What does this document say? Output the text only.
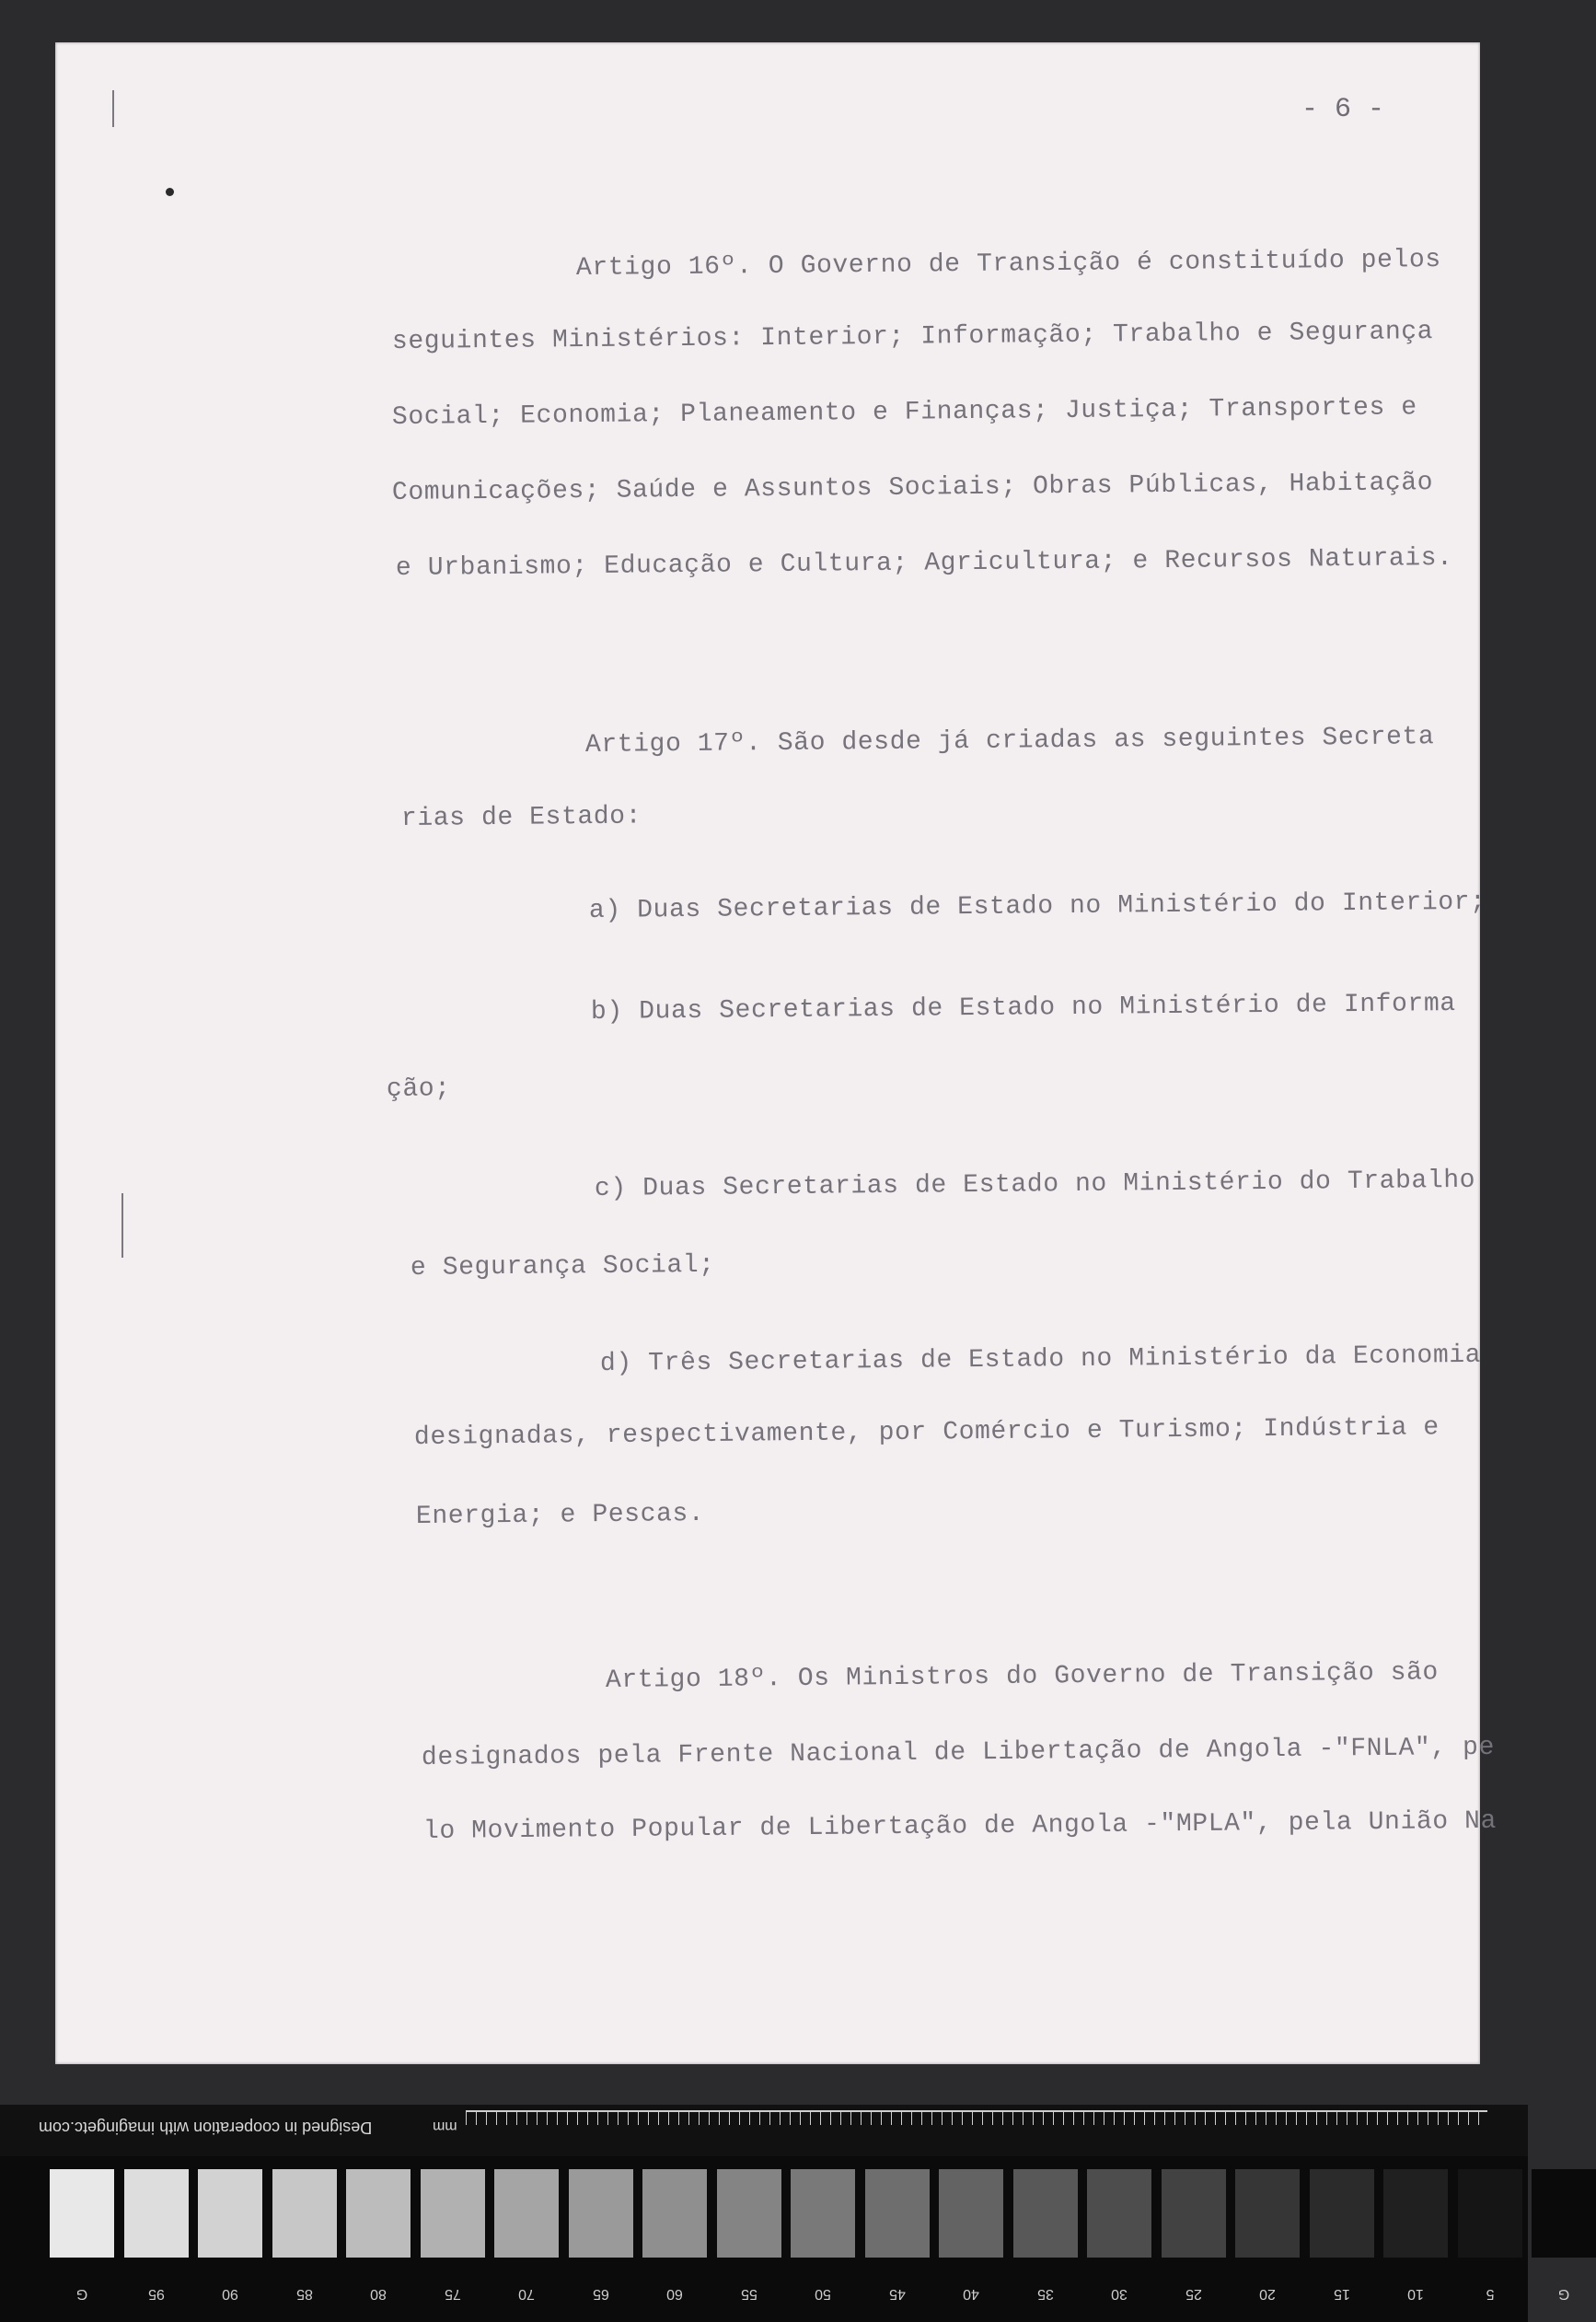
- 6 -
Artigo 16º. O Governo de Transição é constituído pelos
seguintes Ministérios: Interior; Informação; Trabalho e Segurança
Social; Economia; Planeamento e Finanças; Justiça; Transportes e
Comunicações; Saúde e Assuntos Sociais; Obras Públicas, Habitação
e Urbanismo; Educação e Cultura; Agricultura; e Recursos Naturais.
Artigo 17º. São desde já criadas as seguintes Secreta
rias de Estado:
a) Duas Secretarias de Estado no Ministério do Interior;
b) Duas Secretarias de Estado no Ministério de Informa
ção;
c) Duas Secretarias de Estado no Ministério do Trabalho
e Segurança Social;
d) Três Secretarias de Estado no Ministério da Economia
designadas, respectivamente, por Comércio e Turismo; Indústria e
Energia; e Pescas.
Artigo 18º. Os Ministros do Governo de Transição são
designados pela Frente Nacional de Libertação de Angola -"FNLA", pe
lo Movimento Popular de Libertação de Angola -"MPLA", pela União Na
Designed in cooperation with imagingetc.com	mm
G	95	90	85	80	75	70	65	60	55	50	45	40	35	30	25	20	15	10	5	G
